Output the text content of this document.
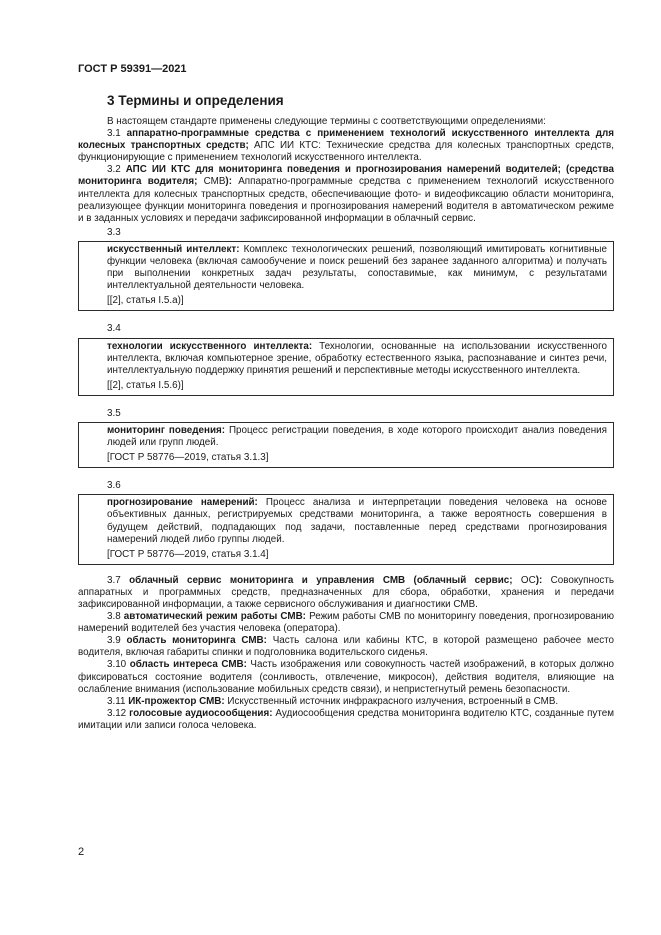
ГОСТ Р 59391—2021
3 Термины и определения

В настоящем стандарте применены следующие термины с соответствующими определениями:

3.1 аппаратно-программные средства с применением технологий искусственного интеллекта для колесных транспортных средств; АПС ИИ КТС: Технические средства для колесных транспортных средств, функционирующие с применением технологий искусственного интеллекта.

3.2 АПС ИИ КТС для мониторинга поведения и прогнозирования намерений водителей; (средства мониторинга водителя; СМВ): Аппаратно-программные средства с применением технологий искусственного интеллекта для колесных транспортных средств, обеспечивающие фото- и видеофиксацию области мониторинга, реализующее функции мониторинга поведения и прогнозирования намерений водителя в автоматическом режиме и в заданных условиях и передачи зафиксированной информации в облачный сервис.

3.3

искусственный интеллект: Комплекс технологических решений, позволяющий имитировать когнитивные функции человека (включая самообучение и поиск решений без заранее заданного алгоритма) и получать при выполнении конкретных задач результаты, сопоставимые, как минимум, с результатами интеллектуальной деятельности человека.

[[2], статья I.5.a)]

3.4

технологии искусственного интеллекта: Технологии, основанные на использовании искусственного интеллекта, включая компьютерное зрение, обработку естественного языка, распознавание и синтез речи, интеллектуальную поддержку принятия решений и перспективные методы искусственного интеллекта.

[[2], статья I.5.6)]

3.5

мониторинг поведения: Процесс регистрации поведения, в ходе которого происходит анализ поведения людей или групп людей.

[ГОСТ Р 58776—2019, статья 3.1.3]

3.6

прогнозирование намерений: Процесс анализа и интерпретации поведения человека на основе объективных данных, регистрируемых средствами мониторинга, а также вероятность совершения в будущем действий, подпадающих под задачи, поставленные перед средствами прогнозирования намерений людей либо группы людей.

[ГОСТ Р 58776—2019, статья 3.1.4]

3.7 облачный сервис мониторинга и управления СМВ (облачный сервис; ОС): Совокупность аппаратных и программных средств, предназначенных для сбора, обработки, хранения и передачи зафиксированной информации, а также сервисного обслуживания и диагностики СМВ.

3.8 автоматический режим работы СМВ: Режим работы СМВ по мониторингу поведения, прогнозированию намерений водителей без участия человека (оператора).

3.9 область мониторинга СМВ: Часть салона или кабины КТС, в которой размещено рабочее место водителя, включая габариты спинки и подголовника водительского сиденья.

3.10 область интереса СМВ: Часть изображения или совокупность частей изображений, в которых должно фиксироваться состояние водителя (сонливость, отвлечение, микросон), действия водителя, влияющие на ослабление внимания (использование мобильных средств связи), и непристегнутый ремень безопасности.

3.11 ИК-прожектор СМВ: Искусственный источник инфракрасного излучения, встроенный в СМВ.

3.12 голосовые аудиосообщения: Аудиосообщения средства мониторинга водителю КТС, созданные путем имитации или записи голоса человека.

2
